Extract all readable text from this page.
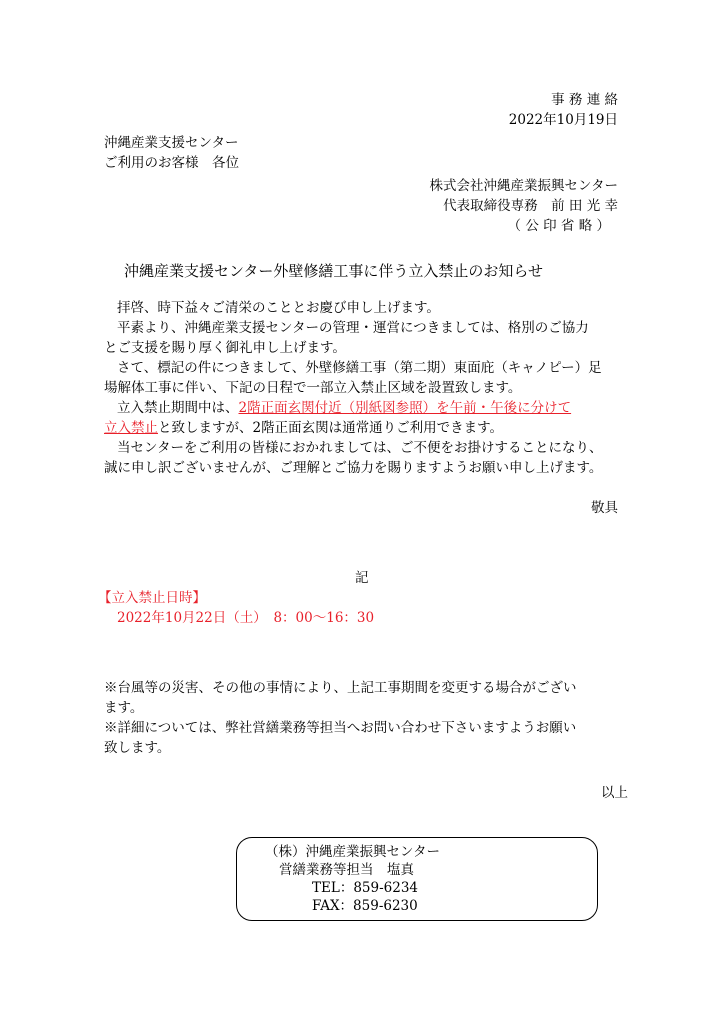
事 務 連 絡
2022年10月19日
沖縄産業支援センター
ご利用のお客様　各位
株式会社沖縄産業振興センター
代表取締役専務　前 田 光 幸
（ 公 印 省 略 ）
沖縄産業支援センター外壁修繕工事に伴う立入禁止のお知らせ
拝啓、時下益々ご清栄のこととお慶び申し上げます。
平素より、沖縄産業支援センターの管理・運営につきましては、格別のご協力
とご支援を賜り厚く御礼申し上げます。
さて、標記の件につきまして、外壁修繕工事（第二期）東面庇（キャノピー）足
場解体工事に伴い、下記の日程で一部立入禁止区域を設置致します。
立入禁止期間中は、2階正面玄関付近（別紙図参照）を午前・午後に分けて
立入禁止と致しますが、2階正面玄関は通常通りご利用できます。
当センターをご利用の皆様におかれましては、ご不便をお掛けすることになり、
誠に申し訳ございませんが、ご理解とご協力を賜りますようお願い申し上げます。
敬具
記
【立入禁止日時】
2022年10月22日（土）　8：00～16：30
※台風等の災害、その他の事情により、上記工事期間を変更する場合がござい
ます。
※詳細については、弊社営繕業務等担当へお問い合わせ下さいますようお願い
致します。
以上
（株）沖縄産業振興センター
営繕業務等担当　塩真
TEL：859-6234
FAX：859-6230
